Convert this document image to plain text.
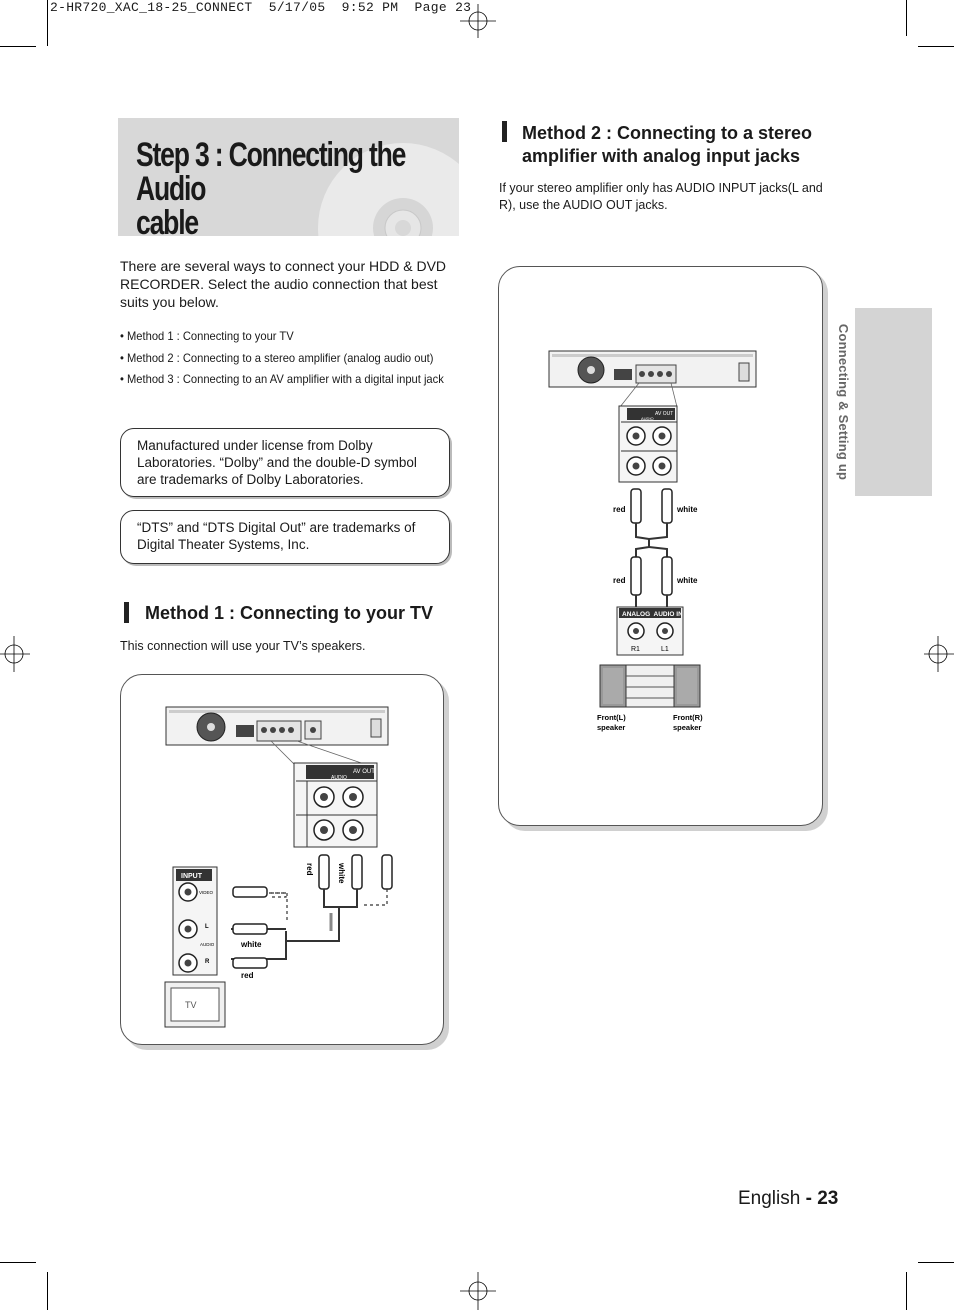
2-HR720_XAC_18-25_CONNECT  5/17/05  9:52 PM  Page 23
Step 3 : Connecting the Audio
cable
There are several ways to connect your HDD & DVD RECORDER. Select the audio connection that best suits you below.
• Method 1 : Connecting to your TV
• Method 2 : Connecting to a stereo amplifier (analog audio out)
• Method 3 : Connecting to an AV amplifier with a digital input jack
Manufactured under license from Dolby Laboratories. “Dolby” and the double-D symbol are trademarks of Dolby Laboratories.
“DTS” and “DTS Digital Out” are trademarks of Digital Theater Systems, Inc.
Method 1 : Connecting to your TV
This connection will use your TV’s speakers.
AV OUT
AUDIO
red	white
white
red
INPUT
VIDEO
L
AUDIO
R
TV
Method 2 : Connecting to a stereo
amplifier with analog input jacks
If your stereo amplifier only has AUDIO INPUT jacks(L and R), use the AUDIO OUT jacks.
AV OUT
AUDIO
red	white
red	white
ANALOG  AUDIO IN
R1	L1
Front(L)
speaker
Front(R)
speaker
Connecting & Setting up
English - 23
